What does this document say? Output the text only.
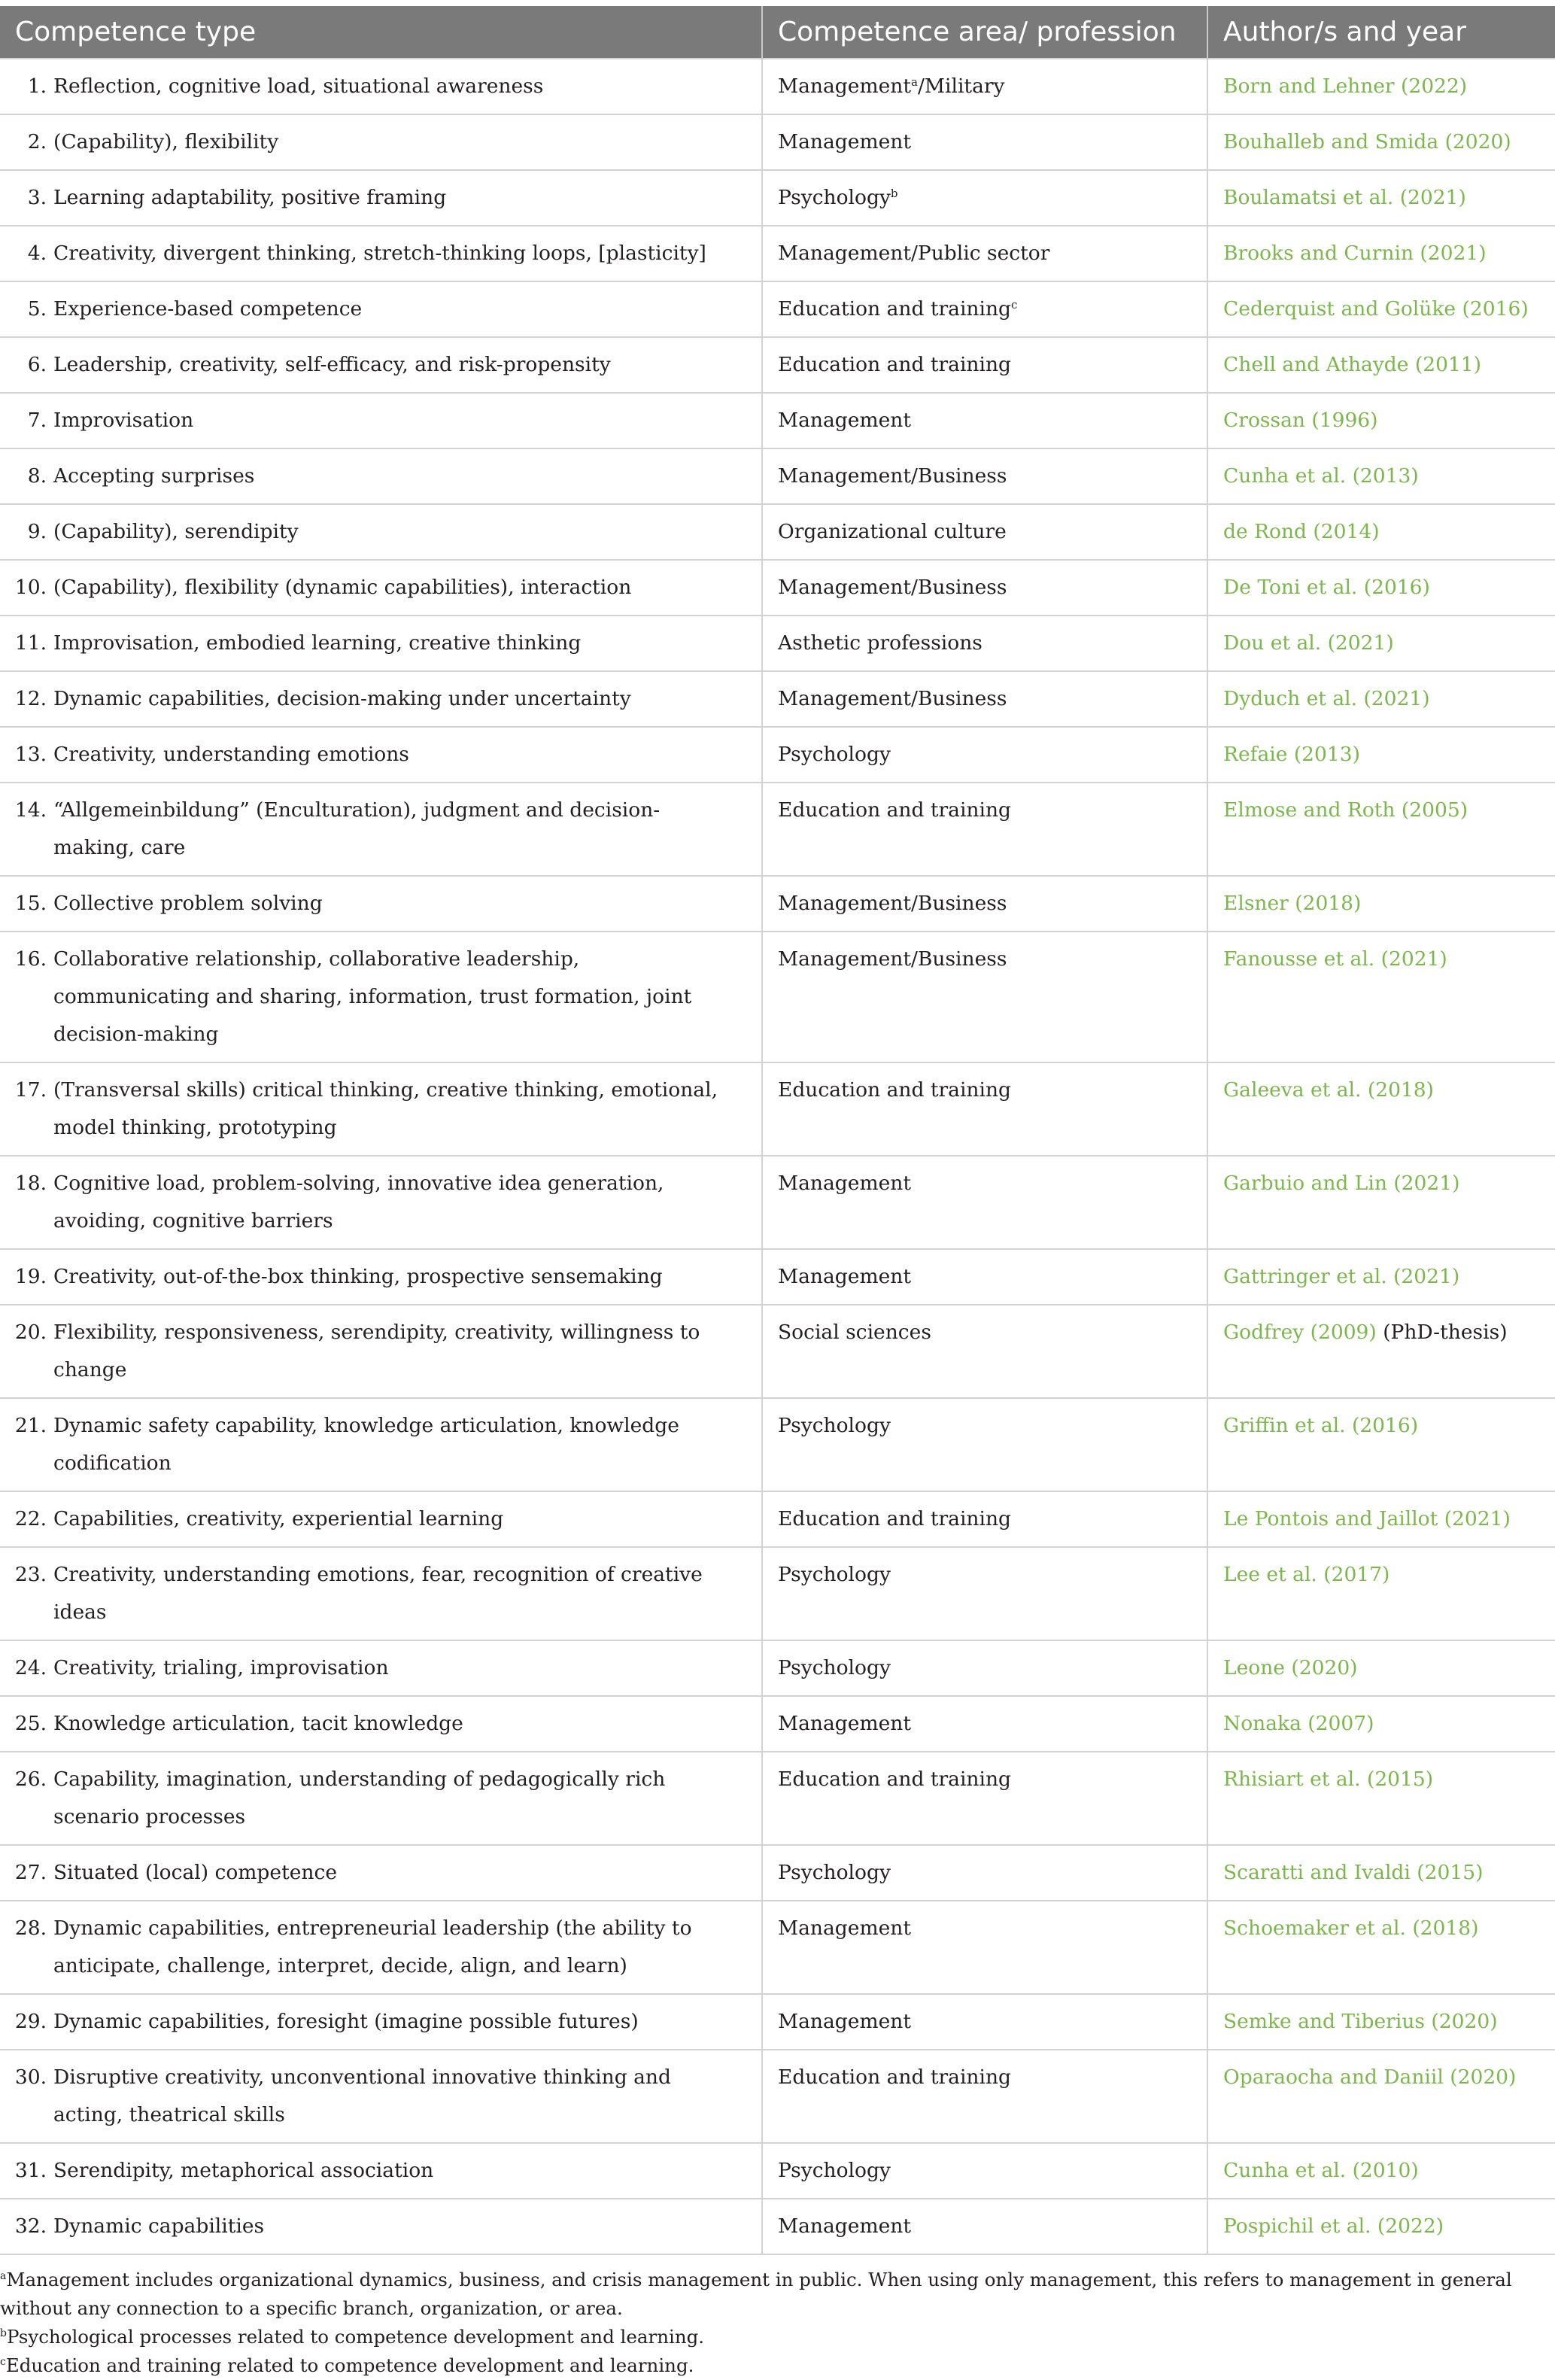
Competence type	Competence area/ profession	Author/s and year
1. Reflection, cognitive load, situational awareness	Management$^a$/Military	Born and Lehner (2022)
2. (Capability), flexibility	Management	Bouhalleb and Smida (2020)
3. Learning adaptability, positive framing	Psychology$^b$	Boulamatsi et al. (2021)
4. Creativity, divergent thinking, stretch-thinking loops, [plasticity]	Management/Public sector	Brooks and Curnin (2021)
5. Experience-based competence	Education and training$^c$	Cederquist and Golüke (2016)
6. Leadership, creativity, self-efficacy, and risk-propensity	Education and training	Chell and Athayde (2011)
7. Improvisation	Management	Crossan (1996)
8. Accepting surprises	Management/Business	Cunha et al. (2013)
9. (Capability), serendipity	Organizational culture	de Rond (2014)
10. (Capability), flexibility (dynamic capabilities), interaction	Management/Business	De Toni et al. (2016)
11. Improvisation, embodied learning, creative thinking	Asthetic professions	Dou et al. (2021)
12. Dynamic capabilities, decision-making under uncertainty	Management/Business	Dyduch et al. (2021)
13. Creativity, understanding emotions	Psychology	Refaie (2013)
14. “Allgemeinbildung” (Enculturation), judgment and decision-making, care	Education and training	Elmose and Roth (2005)
15. Collective problem solving	Management/Business	Elsner (2018)
16. Collaborative relationship, collaborative leadership, communicating and sharing, information, trust formation, joint decision-making	Management/Business	Fanousse et al. (2021)
17. (Transversal skills) critical thinking, creative thinking, emotional, model thinking, prototyping	Education and training	Galeeva et al. (2018)
18. Cognitive load, problem-solving, innovative idea generation, avoiding, cognitive barriers	Management	Garbuio and Lin (2021)
19. Creativity, out-of-the-box thinking, prospective sensemaking	Management	Gattringer et al. (2021)
20. Flexibility, responsiveness, serendipity, creativity, willingness to change	Social sciences	Godfrey (2009) (PhD-thesis)
21. Dynamic safety capability, knowledge articulation, knowledge codification	Psychology	Griffin et al. (2016)
22. Capabilities, creativity, experiential learning	Education and training	Le Pontois and Jaillot (2021)
23. Creativity, understanding emotions, fear, recognition of creative ideas	Psychology	Lee et al. (2017)
24. Creativity, trialing, improvisation	Psychology	Leone (2020)
25. Knowledge articulation, tacit knowledge	Management	Nonaka (2007)
26. Capability, imagination, understanding of pedagogically rich scenario processes	Education and training	Rhisiart et al. (2015)
27. Situated (local) competence	Psychology	Scaratti and Ivaldi (2015)
28. Dynamic capabilities, entrepreneurial leadership (the ability to anticipate, challenge, interpret, decide, align, and learn)	Management	Schoemaker et al. (2018)
29. Dynamic capabilities, foresight (imagine possible futures)	Management	Semke and Tiberius (2020)
30. Disruptive creativity, unconventional innovative thinking and acting, theatrical skills	Education and training	Oparaocha and Daniil (2020)
31. Serendipity, metaphorical association	Psychology	Cunha et al. (2010)
32. Dynamic capabilities	Management	Pospichil et al. (2022)

$^a$Management includes organizational dynamics, business, and crisis management in public. When using only management, this refers to management in general without any connection to a specific branch, organization, or area.

$^b$Psychological processes related to competence development and learning.

$^c$Education and training related to competence development and learning.
